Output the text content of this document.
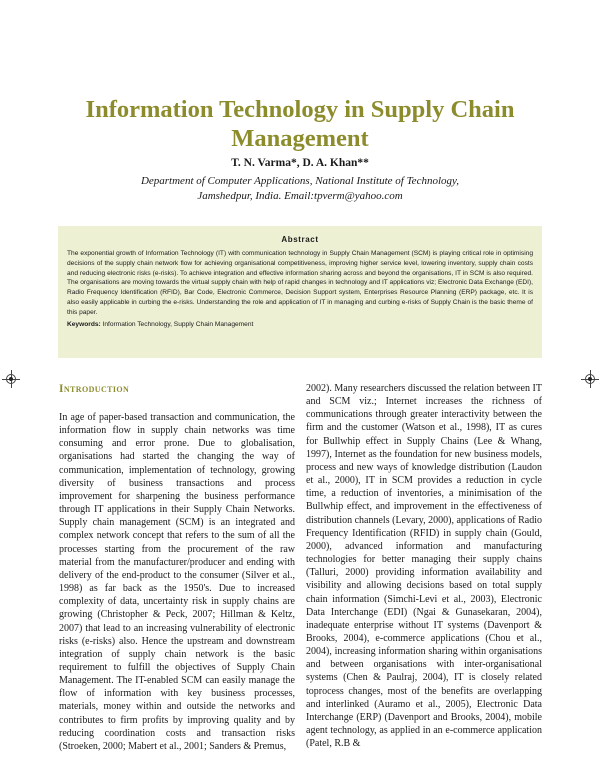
Information Technology in Supply Chain Management

T. N. Varma*, D. A. Khan**

Department of Computer Applications, National Institute of Technology,
Jamshedpur, India. Email:tpverm@yahoo.com

Abstract

The exponential growth of Information Technology (IT) with communication technology in Supply Chain Management (SCM) is playing critical role in optimising decisions of the supply chain network flow for achieving organisational competitiveness, improving higher service level, lowering inventory, supply chain costs and reducing electronic risks (e-risks). To achieve integration and effective information sharing across and beyond the organisations, IT in SCM is also required. The organisations are moving towards the virtual supply chain with help of rapid changes in technology and IT applications viz; Electronic Data Exchange (EDI), Radio Frequency Identification (RFID), Bar Code, Electronic Commerce, Decision Support system, Enterprises Resource Planning (ERP) package, etc. It is also easily applicable in curbing the e-risks. Understanding the role and application of IT in managing and curbing e-risks of Supply Chain is the basic theme of this paper.

Keywords: Information Technology, Supply Chain Management

Introduction

In age of paper-based transaction and communication, the information flow in supply chain networks was time consuming and error prone. Due to globalisation, organisations had started the changing the way of communication, implementation of technology, growing diversity of business transactions and process improvement for sharpening the business performance through IT applications in their Supply Chain Networks. Supply chain management (SCM) is an integrated and complex network concept that refers to the sum of all the processes starting from the procurement of the raw material from the manufacturer/producer and ending with delivery of the end-product to the consumer (Silver et al., 1998) as far back as the 1950's. Due to increased complexity of data, uncertainty risk in supply chains are growing (Christopher & Peck, 2007; Hillman & Keltz, 2007) that lead to an increasing vulnerability of electronic risks (e-risks) also. Hence the upstream and downstream integration of supply chain network is the basic requirement to fulfill the objectives of Supply Chain Management. The IT-enabled SCM can easily manage the flow of information with key business processes, materials, money within and outside the networks and contributes to firm profits by improving quality and by reducing coordination costs and transaction risks (Stroeken, 2000; Mabert et al., 2001; Sanders & Premus,

2002). Many researchers discussed the relation between IT and SCM viz.; Internet increases the richness of communications through greater interactivity between the firm and the customer (Watson et al., 1998), IT as cures for Bullwhip effect in Supply Chains (Lee & Whang, 1997), Internet as the foundation for new business models, process and new ways of knowledge distribution (Laudon et al., 2000), IT in SCM provides a reduction in cycle time, a reduction of inventories, a minimisation of the Bullwhip effect, and improvement in the effectiveness of distribution channels (Levary, 2000), applications of Radio Frequency Identification (RFID) in supply chain (Gould, 2000), advanced information and manufacturing technologies for better managing their supply chains (Talluri, 2000) providing information availability and visibility and allowing decisions based on total supply chain information (Simchi-Levi et al., 2003), Electronic Data Interchange (EDI) (Ngai & Gunasekaran, 2004), inadequate enterprise without IT systems (Davenport & Brooks, 2004), e-commerce applications (Chou et al., 2004), increasing information sharing within organisations and between organisations with inter-organisational systems (Chen & Paulraj, 2004), IT is closely related toprocess changes, most of the benefits are overlapping and interlinked (Auramo et al., 2005), Electronic Data Interchange (ERP) (Davenport and Brooks, 2004), mobile agent technology, as applied in an e-commerce application (Patel, R.B &
